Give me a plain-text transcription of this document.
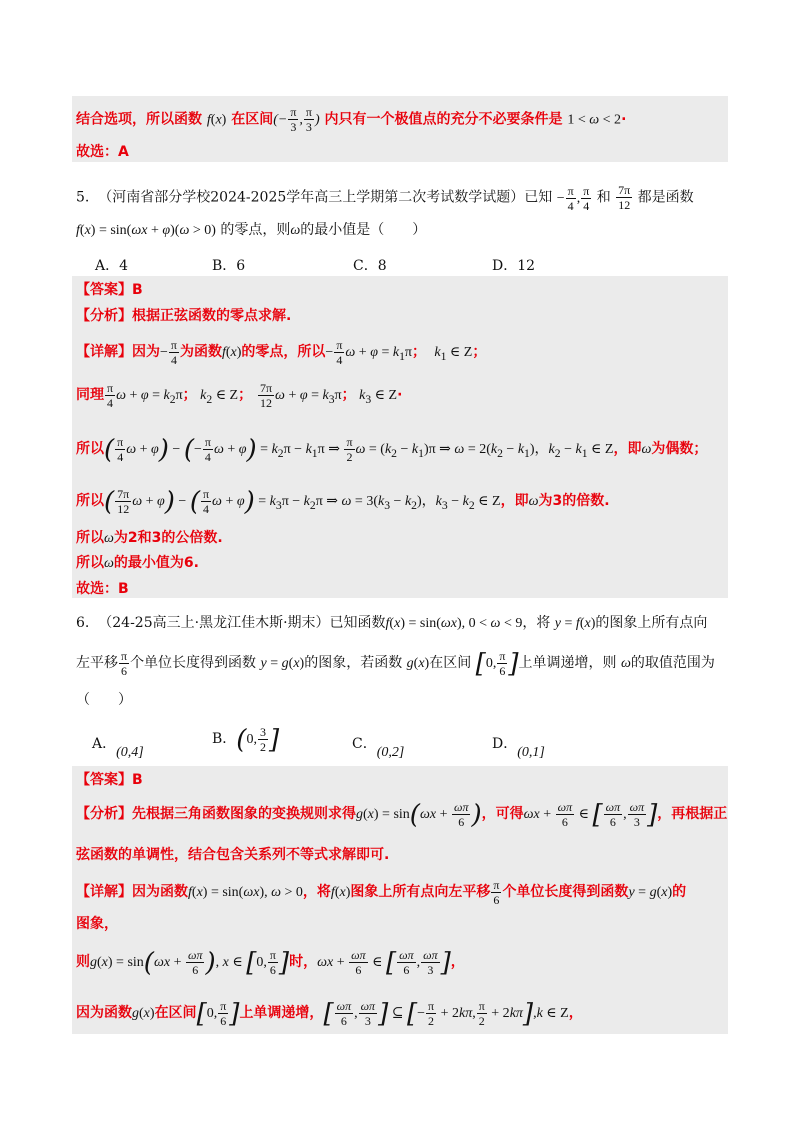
结合选项，所以函数 f(x) 在区间(− $\frac{\pi}{3}$ , $\frac{\pi}{3}$ ) 内只有一个极值点的充分不必要条件是 1 < ω < 2·
故选：A
5. （河南省部分学校2024-2025学年高三上学期第二次考试数学试题）已知 − $\frac{\pi}{4}$ , $\frac{\pi}{4}$ 和 $\frac{7\pi}{12}$ 都是函数
f(x) = sin(ωx + φ)(ω > 0) 的零点，则ω的最小值是（　　）
A．4	B．6	C．8	D．12
【答案】B
【分析】根据正弦函数的零点求解.
【详解】因为− $\frac{\pi}{4}$ 为函数f(x)的零点，所以− $\frac{\pi}{4}$ $\omega + \varphi = k_1\pi$；  $k_1$ ∈ Z；
同理 $\frac{\pi}{4}$ $\omega + \varphi = k_2\pi$； $k_2$ ∈ Z； $\frac{7\pi}{12}$ $\omega + \varphi = k_3\pi$； $k_3$ ∈ Z·
所以( $\frac{\pi}{4}$ ω + φ) − (− $\frac{\pi}{4}$ $\omega + \varphi) = k_2\pi - k_1\pi$ ⇒ $\frac{\pi}{2}$ $\omega = (k_2 - k_1)\pi$ ⇒ $\omega = 2(k_2 - k_1)$，$k_2 - k_1$ ∈ Z，即ω为偶数；
所以( $\frac{7\pi}{12}$ ω + φ) − ( $\frac{\pi}{4}$ $\omega + \varphi) = k_3\pi - k_2\pi$ ⇒ $\omega = 3(k_3 - k_2)$，$k_3 - k_2$ ∈ Z，即ω为3的倍数.
所以ω为2和3的公倍数.
所以ω的最小值为6.
故选：B
6. （24-25高三上·黑龙江佳木斯·期末）已知函数f(x) = sin(ωx), 0 < ω < 9，将 y = f(x)的图象上所有点向
左平移 $\frac{\pi}{6}$ 个单位长度得到函数 y = g(x)的图象，若函数 g(x)在区间 [0, $\frac{\pi}{6}$ ]上单调递增，则 ω的取值范围为
（　　）
A．(0,4]
B．(0, $\frac{3}{2}$ ]	C．(0,2]
D．(0,1]
【答案】B
【分析】先根据三角函数图象的变换规则求得$g(x) = \sin(\omega x + \frac{\omega\pi}{6}$ )，可得$\omega x + \frac{\omega\pi}{6}$ ∈ [ $\frac{\omega\pi}{6}$ , $\frac{\omega\pi}{3}$ ]，再根据正
弦函数的单调性，结合包含关系列不等式求解即可.
【详解】因为函数f(x) = sin(ωx), ω > 0，将f(x)图象上所有点向左平移 $\frac{\pi}{6}$ 个单位长度得到函数y = g(x)的
图象，
则$g(x) = \sin(\omega x + \frac{\omega\pi}{6}$ ), x ∈ [0, $\frac{\pi}{6}$ ]时，$\omega x + \frac{\omega\pi}{6}$ ∈ [ $\frac{\omega\pi}{6}$ , $\frac{\omega\pi}{3}$ ]，
因为函数g(x)在区间[0, $\frac{\pi}{6}$ ]上单调递增，[ $\frac{\omega\pi}{6}$ , $\frac{\omega\pi}{3}$ ] ⊆ [− $\frac{\pi}{2} + 2k\pi$, $\frac{\pi}{2} + 2k\pi],k$ ∈ Z，
